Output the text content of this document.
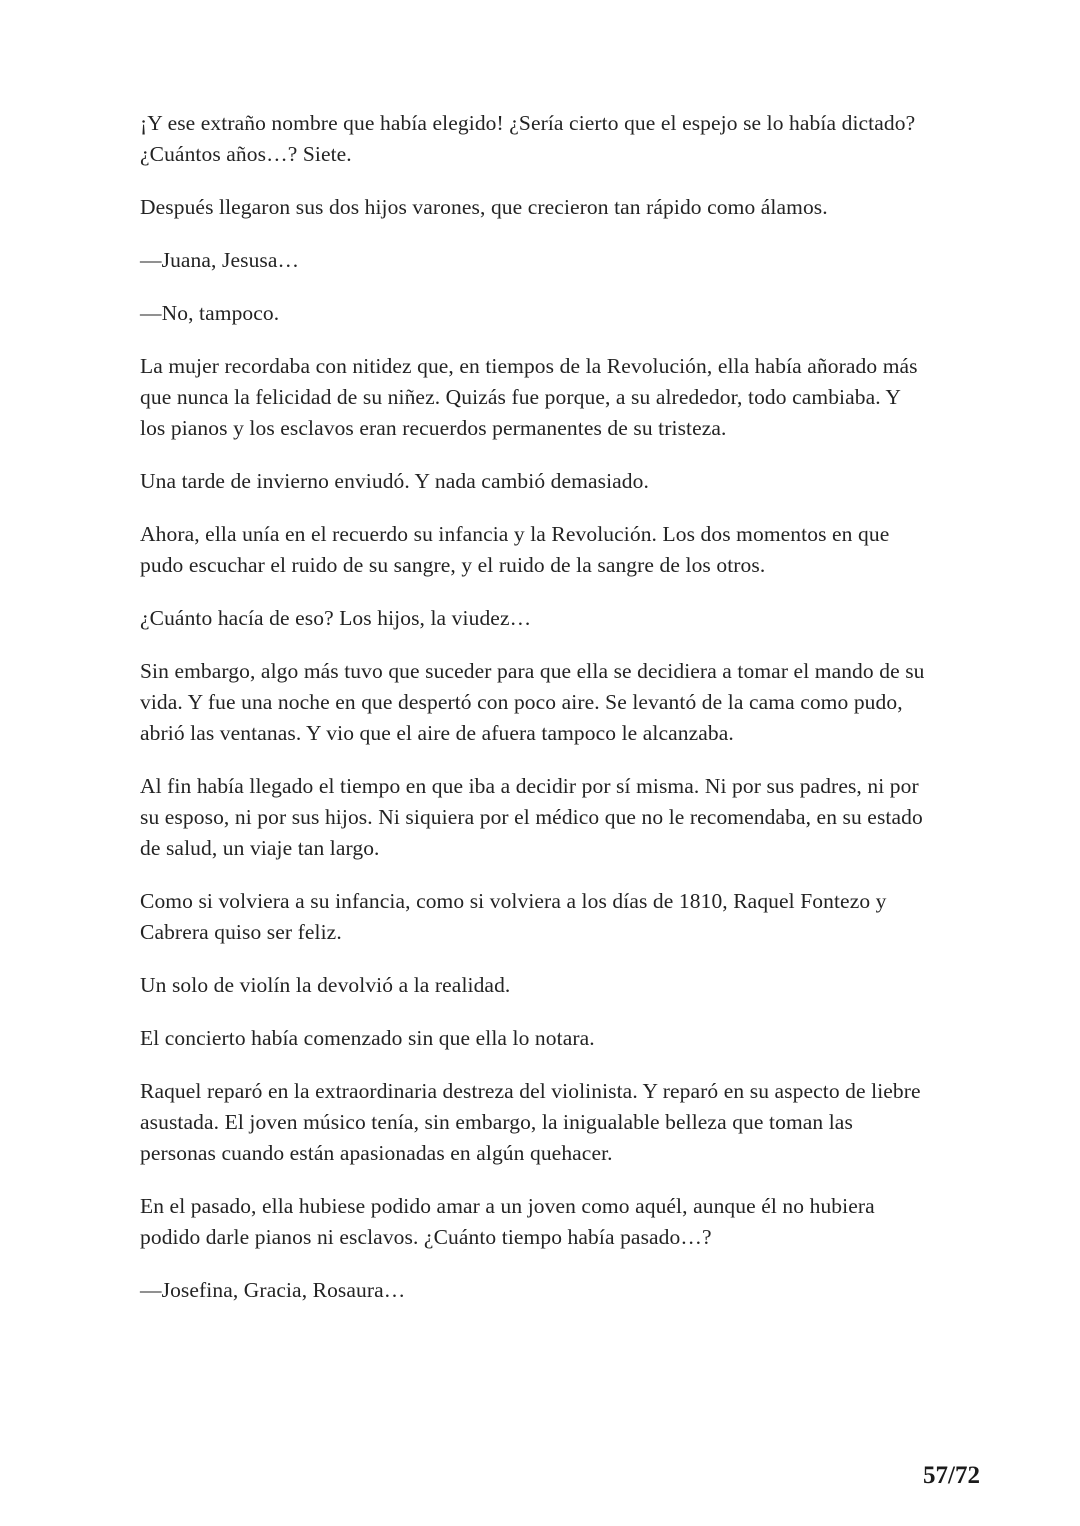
¡Y ese extraño nombre que había elegido! ¿Sería cierto que el espejo se lo había dictado? ¿Cuántos años…? Siete.

Después llegaron sus dos hijos varones, que crecieron tan rápido como álamos.

—Juana, Jesusa…

—No, tampoco.

La mujer recordaba con nitidez que, en tiempos de la Revolución, ella había añorado más que nunca la felicidad de su niñez. Quizás fue porque, a su alrededor, todo cambiaba. Y los pianos y los esclavos eran recuerdos permanentes de su tristeza.

Una tarde de invierno enviudó. Y nada cambió demasiado.

Ahora, ella unía en el recuerdo su infancia y la Revolución. Los dos momentos en que pudo escuchar el ruido de su sangre, y el ruido de la sangre de los otros.

¿Cuánto hacía de eso? Los hijos, la viudez…

Sin embargo, algo más tuvo que suceder para que ella se decidiera a tomar el mando de su vida. Y fue una noche en que despertó con poco aire. Se levantó de la cama como pudo, abrió las ventanas. Y vio que el aire de afuera tampoco le alcanzaba.

Al fin había llegado el tiempo en que iba a decidir por sí misma. Ni por sus padres, ni por su esposo, ni por sus hijos. Ni siquiera por el médico que no le recomendaba, en su estado de salud, un viaje tan largo.

Como si volviera a su infancia, como si volviera a los días de 1810, Raquel Fontezo y Cabrera quiso ser feliz.

Un solo de violín la devolvió a la realidad.

El concierto había comenzado sin que ella lo notara.

Raquel reparó en la extraordinaria destreza del violinista. Y reparó en su aspecto de liebre asustada. El joven músico tenía, sin embargo, la inigualable belleza que toman las personas cuando están apasionadas en algún quehacer.

En el pasado, ella hubiese podido amar a un joven como aquél, aunque él no hubiera podido darle pianos ni esclavos. ¿Cuánto tiempo había pasado…?

—Josefina, Gracia, Rosaura…

57/72
